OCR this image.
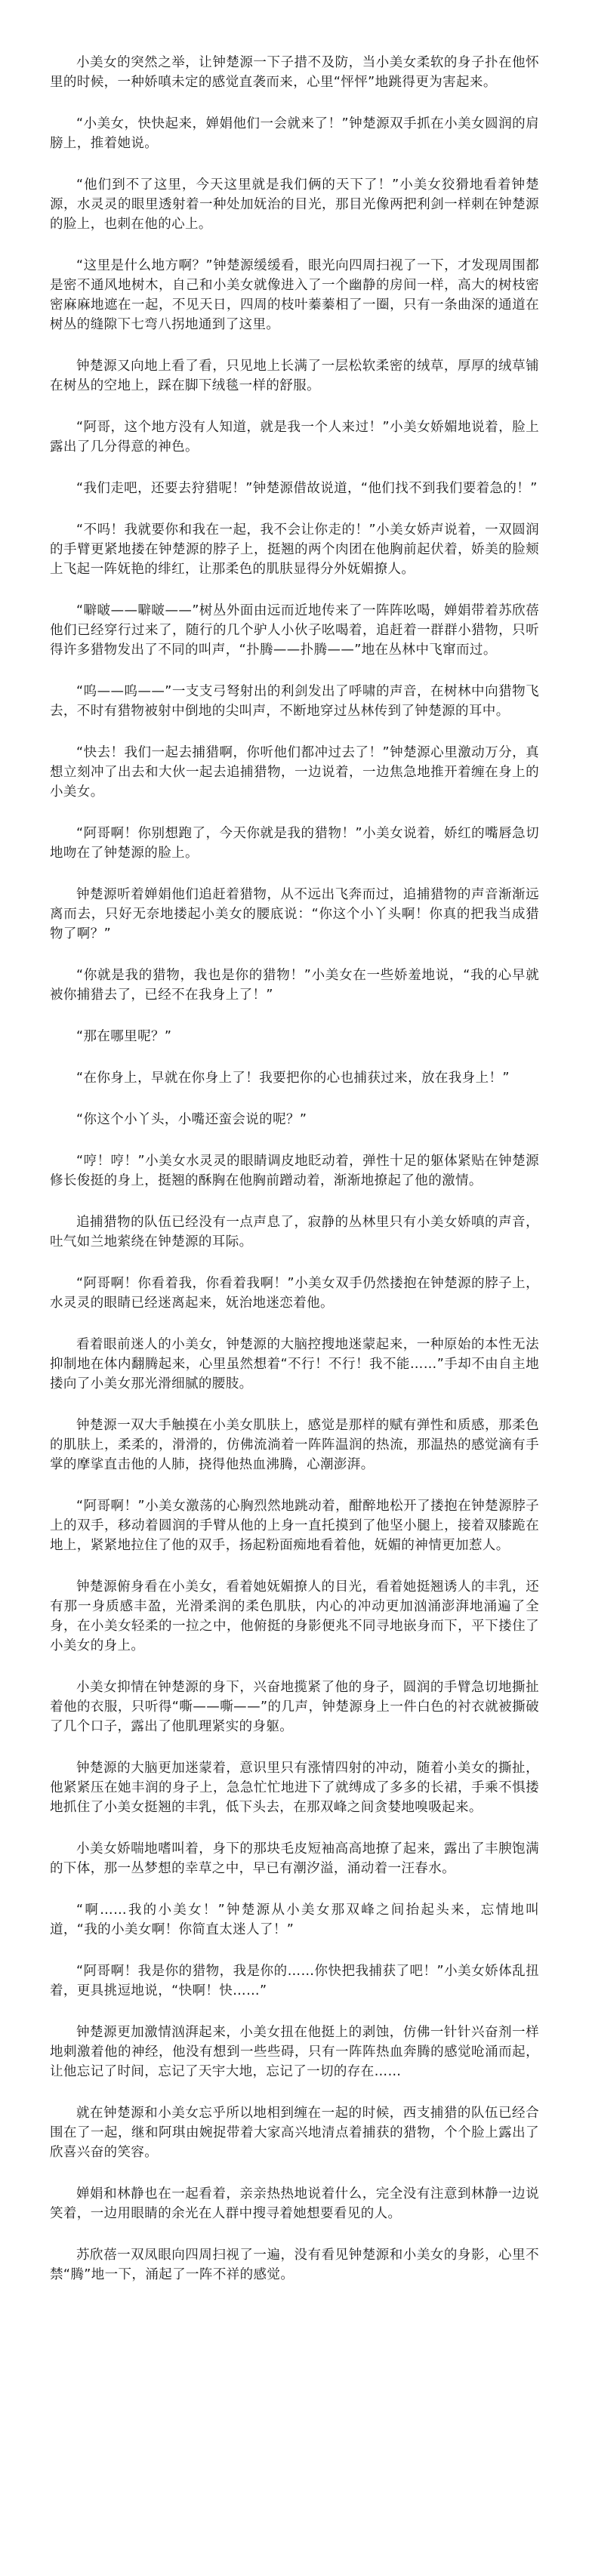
小美女的突然之举，让钟楚源一下子措不及防，当小美女柔软的身子扑在他怀里的时候，一种娇嗔未定的感觉直袭而来，心里“怦怦”地跳得更为害起来。

“小美女，快快起来，婵娟他们一会就来了！”钟楚源双手抓在小美女圆润的肩膀上，推着她说。

“他们到不了这里，今天这里就是我们俩的天下了！”小美女狡猾地看着钟楚源，水灵灵的眼里透射着一种处加妩治的目光，那目光像两把利剑一样刺在钟楚源的脸上，也刺在他的心上。

“这里是什么地方啊？”钟楚源缓缓看，眼光向四周扫视了一下，才发现周围都是密不通风地树木，自己和小美女就像进入了一个幽静的房间一样，高大的树枝密密麻麻地遮在一起，不见天日，四周的枝叶蓁蓁相了一圈，只有一条曲深的通道在树丛的缝隙下七弯八拐地通到了这里。

钟楚源又向地上看了看，只见地上长满了一层松软柔密的绒草，厚厚的绒草铺在树丛的空地上，踩在脚下绒毯一样的舒服。

“阿哥，这个地方没有人知道，就是我一个人来过！”小美女娇媚地说着，脸上露出了几分得意的神色。

“我们走吧，还要去狩猎呢！”钟楚源借故说道，“他们找不到我们要着急的！”

“不吗！我就要你和我在一起，我不会让你走的！”小美女娇声说着，一双圆润的手臂更紧地搂在钟楚源的脖子上，挺翘的两个肉团在他胸前起伏着，娇美的脸颊上飞起一阵妩艳的绯红，让那柔色的肌肤显得分外妩媚撩人。

“噼啵——噼啵——”树丛外面由远而近地传来了一阵阵吆喝，婵娟带着苏欣蓓他们已经穿行过来了，随行的几个驴人小伙子吆喝着，追赶着一群群小猎物，只听得许多猎物发出了不同的叫声，“扑腾——扑腾——”地在丛林中飞窜而过。

“呜——呜——”一支支弓弩射出的利剑发出了呼啸的声音，在树林中向猎物飞去，不时有猎物被射中倒地的尖叫声，不断地穿过丛林传到了钟楚源的耳中。

“快去！我们一起去捕猎啊，你听他们都冲过去了！”钟楚源心里激动万分，真想立刻冲了出去和大伙一起去追捕猎物，一边说着，一边焦急地推开着缠在身上的小美女。

“阿哥啊！你别想跑了，今天你就是我的猎物！”小美女说着，娇红的嘴唇急切地吻在了钟楚源的脸上。

钟楚源听着婵娟他们追赶着猎物，从不远出飞奔而过，追捕猎物的声音渐渐远离而去，只好无奈地搂起小美女的腰底说：“你这个小丫头啊！你真的把我当成猎物了啊？”

“你就是我的猎物，我也是你的猎物！”小美女在一些娇羞地说，“我的心早就被你捕猎去了，已经不在我身上了！”

“那在哪里呢？”

“在你身上，早就在你身上了！我要把你的心也捕获过来，放在我身上！”

“你这个小丫头，小嘴还蛮会说的呢？”

“哼！哼！”小美女水灵灵的眼睛调皮地眨动着，弹性十足的躯体紧贴在钟楚源修长俊挺的身上，挺翘的酥胸在他胸前蹭动着，渐渐地撩起了他的激情。

追捕猎物的队伍已经没有一点声息了，寂静的丛林里只有小美女娇嗔的声音，吐气如兰地萦绕在钟楚源的耳际。

“阿哥啊！你看着我，你看着我啊！”小美女双手仍然搂抱在钟楚源的脖子上，水灵灵的眼睛已经迷离起来，妩治地迷恋着他。

看着眼前迷人的小美女，钟楚源的大脑控搜地迷蒙起来，一种原始的本性无法抑制地在体内翻腾起来，心里虽然想着“不行！不行！我不能……”手却不由自主地搂向了小美女那光滑细腻的腰肢。

钟楚源一双大手触摸在小美女肌肤上，感觉是那样的赋有弹性和质感，那柔色的肌肤上，柔柔的，滑滑的，仿佛流淌着一阵阵温润的热流，那温热的感觉滴有手掌的摩挲直击他的人肺，挠得他热血沸腾，心潮澎湃。

“阿哥啊！”小美女激荡的心胸烈然地跳动着，酣醉地松开了搂抱在钟楚源脖子上的双手，移动着圆润的手臂从他的上身一直托摸到了他坚小腿上，接着双膝跪在地上，紧紧地拉住了他的双手，扬起粉面痴地看着他，妩媚的神情更加惹人。

钟楚源俯身看在小美女，看着她妩媚撩人的目光，看着她挺翘诱人的丰乳，还有那一身质感丰盈，光滑柔润的柔色肌肤，内心的冲动更加汹涌澎湃地涌遍了全身，在小美女轻柔的一拉之中，他俯挺的身影便兆不同寻地嵌身而下，平下搂住了小美女的身上。

小美女抑情在钟楚源的身下，兴奋地揽紧了他的身子，圆润的手臂急切地撕扯着他的衣服，只听得“嘶——嘶——”的几声，钟楚源身上一件白色的衬衣就被撕破了几个口子，露出了他肌理紧实的身躯。

钟楚源的大脑更加迷蒙着，意识里只有涨情四射的冲动，随着小美女的撕扯，他紧紧压在她丰润的身子上，急急忙忙地进下了就缚成了多多的长裙，手乘不惧搂地抓住了小美女挺翘的丰乳，低下头去，在那双峰之间贪婪地嗅吸起来。

小美女娇喘地嗜叫着，身下的那块毛皮短袖高高地撩了起来，露出了丰腴饱满的下体，那一丛梦想的幸草之中，早已有潮汐溢，涌动着一汪春水。

“啊……我的小美女！”钟楚源从小美女那双峰之间抬起头来，忘情地叫道，“我的小美女啊！你简直太迷人了！”

“阿哥啊！我是你的猎物，我是你的……你快把我捕获了吧！”小美女娇体乱扭着，更具挑逗地说，“快啊！快……”

钟楚源更加激情汹湃起来，小美女扭在他挺上的剥蚀，仿佛一针针兴奋剂一样地刺激着他的神经，他没有想到一些些碍，只有一阵阵热血奔腾的感觉呛涌而起，让他忘记了时间，忘记了天宇大地，忘记了一切的存在……

就在钟楚源和小美女忘乎所以地相到缠在一起的时候，西支捕猎的队伍已经合围在了一起，继和阿琪由婉捉带着大家高兴地清点着捕获的猎物，个个脸上露出了欣喜兴奋的笑容。

婵娟和林静也在一起看着，亲亲热热地说着什么，完全没有注意到林静一边说笑着，一边用眼睛的余光在人群中搜寻着她想要看见的人。

苏欣蓓一双凤眼向四周扫视了一遍，没有看见钟楚源和小美女的身影，心里不禁“腾”地一下，涌起了一阵不祥的感觉。
